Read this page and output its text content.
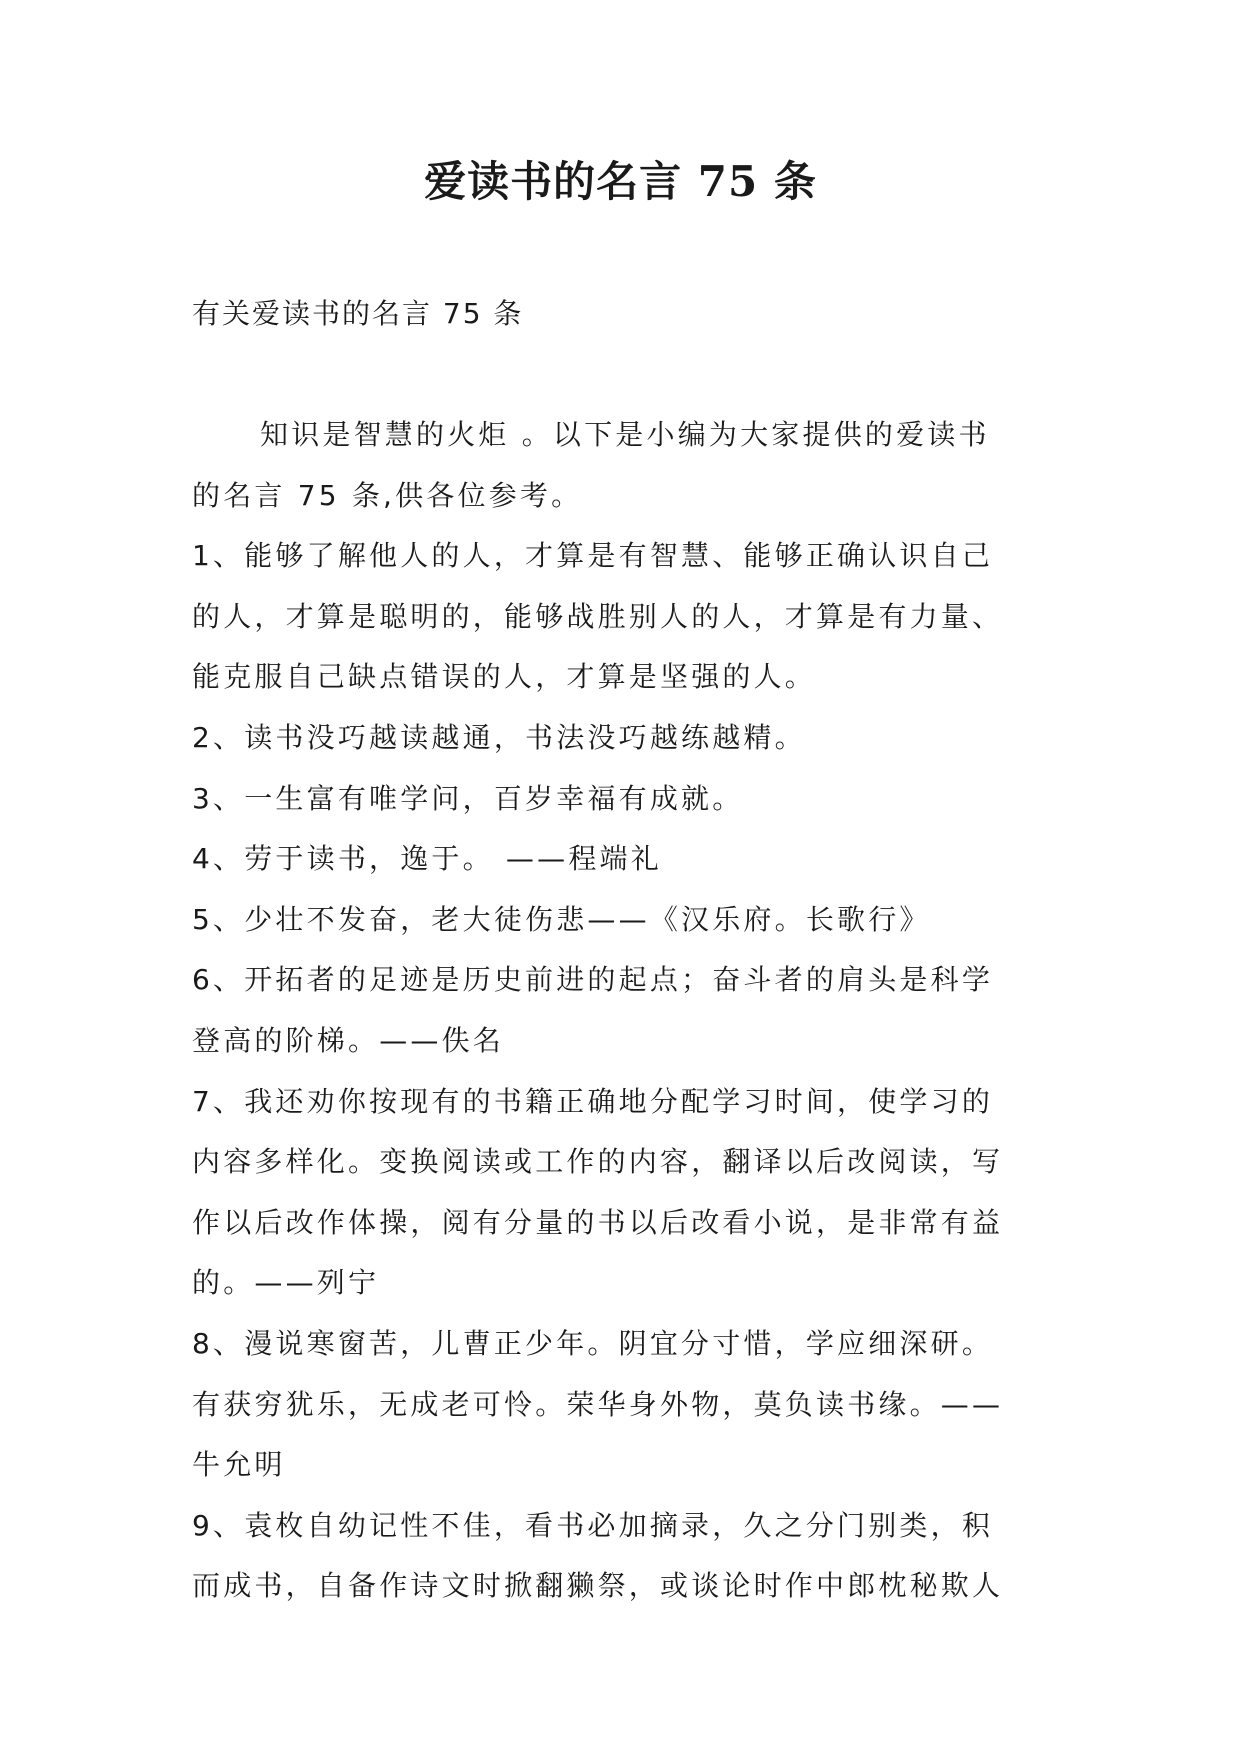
爱读书的名言 75 条

有关爱读书的名言 75 条

知识是智慧的火炬 。以下是小编为大家提供的爱读书
的名言 75 条,供各位参考。
1、能够了解他人的人，才算是有智慧、能够正确认识自己
的人，才算是聪明的，能够战胜别人的人，才算是有力量、
能克服自己缺点错误的人，才算是坚强的人。
2、读书没巧越读越通，书法没巧越练越精。
3、一生富有唯学问，百岁幸福有成就。
4、劳于读书，逸于。 ——程端礼
5、少壮不发奋，老大徒伤悲——《汉乐府。长歌行》
6、开拓者的足迹是历史前进的起点；奋斗者的肩头是科学
登高的阶梯。——佚名
7、我还劝你按现有的书籍正确地分配学习时间，使学习的
内容多样化。变换阅读或工作的内容，翻译以后改阅读，写
作以后改作体操，阅有分量的书以后改看小说，是非常有益
的。——列宁
8、漫说寒窗苦，儿曹正少年。阴宜分寸惜，学应细深研。
有获穷犹乐，无成老可怜。荣华身外物，莫负读书缘。——
牛允明
9、袁枚自幼记性不佳，看书必加摘录，久之分门别类，积
而成书，自备作诗文时掀翻獭祭，或谈论时作中郎枕秘欺人
